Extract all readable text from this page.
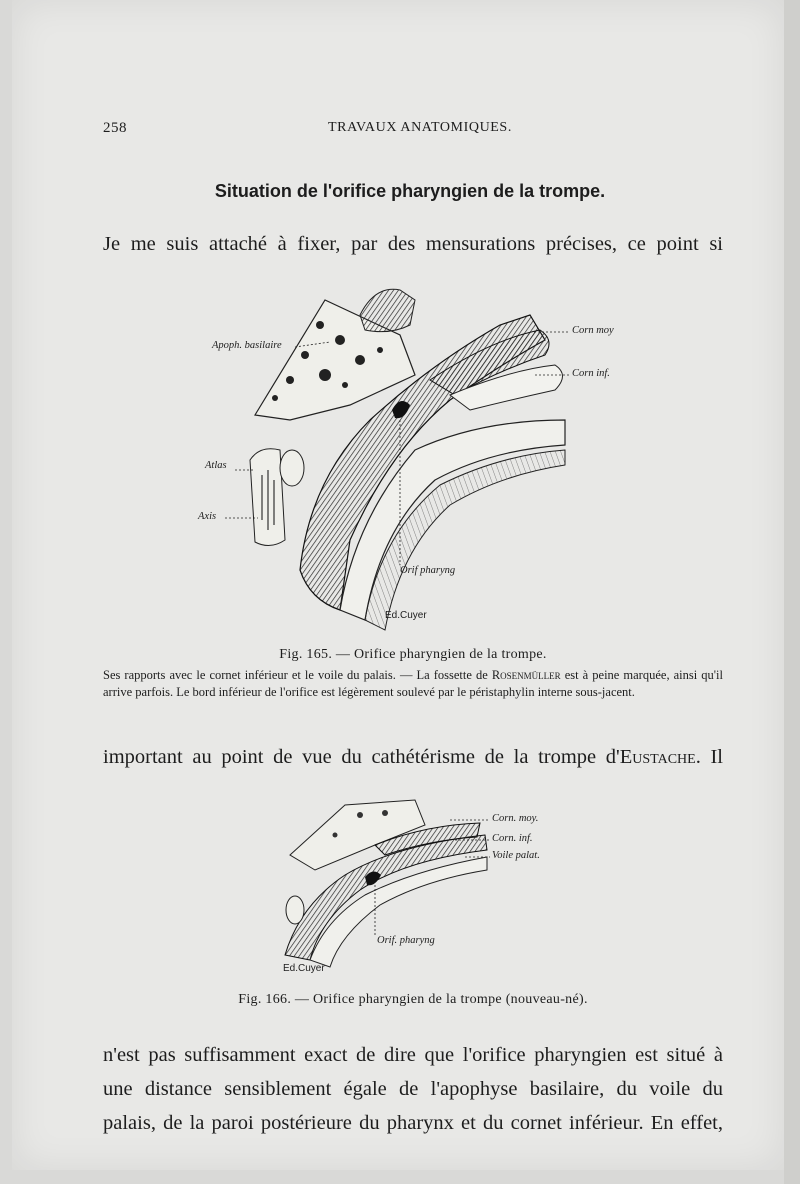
258	TRAVAUX ANATOMIQUES.

Situation de l'orifice pharyngien de la trompe.

Je me suis attaché à fixer, par des mensurations précises, ce point si

Apoph. basilaire
Corn moy
Corn inf.
Atlas
Axis
Orif pharyng
Ed.Cuyer

Fig. 165. — Orifice pharyngien de la trompe.

Ses rapports avec le cornet inférieur et le voile du palais. — La fossette de Rosenmüller est à peine marquée, ainsi qu'il arrive parfois. Le bord inférieur de l'orifice est légèrement soulevé par le péristaphylin interne sous-jacent.

important au point de vue du cathétérisme de la trompe d'Eustache. Il

Corn. moy.
Corn. inf.
Voile palat.
Orif. pharyng
Ed.Cuyer

Fig. 166. — Orifice pharyngien de la trompe (nouveau-né).

n'est pas suffisamment exact de dire que l'orifice pharyngien est situé à
une distance sensiblement égale de l'apophyse basilaire, du voile du
palais, de la paroi postérieure du pharynx et du cornet inférieur. En effet,
